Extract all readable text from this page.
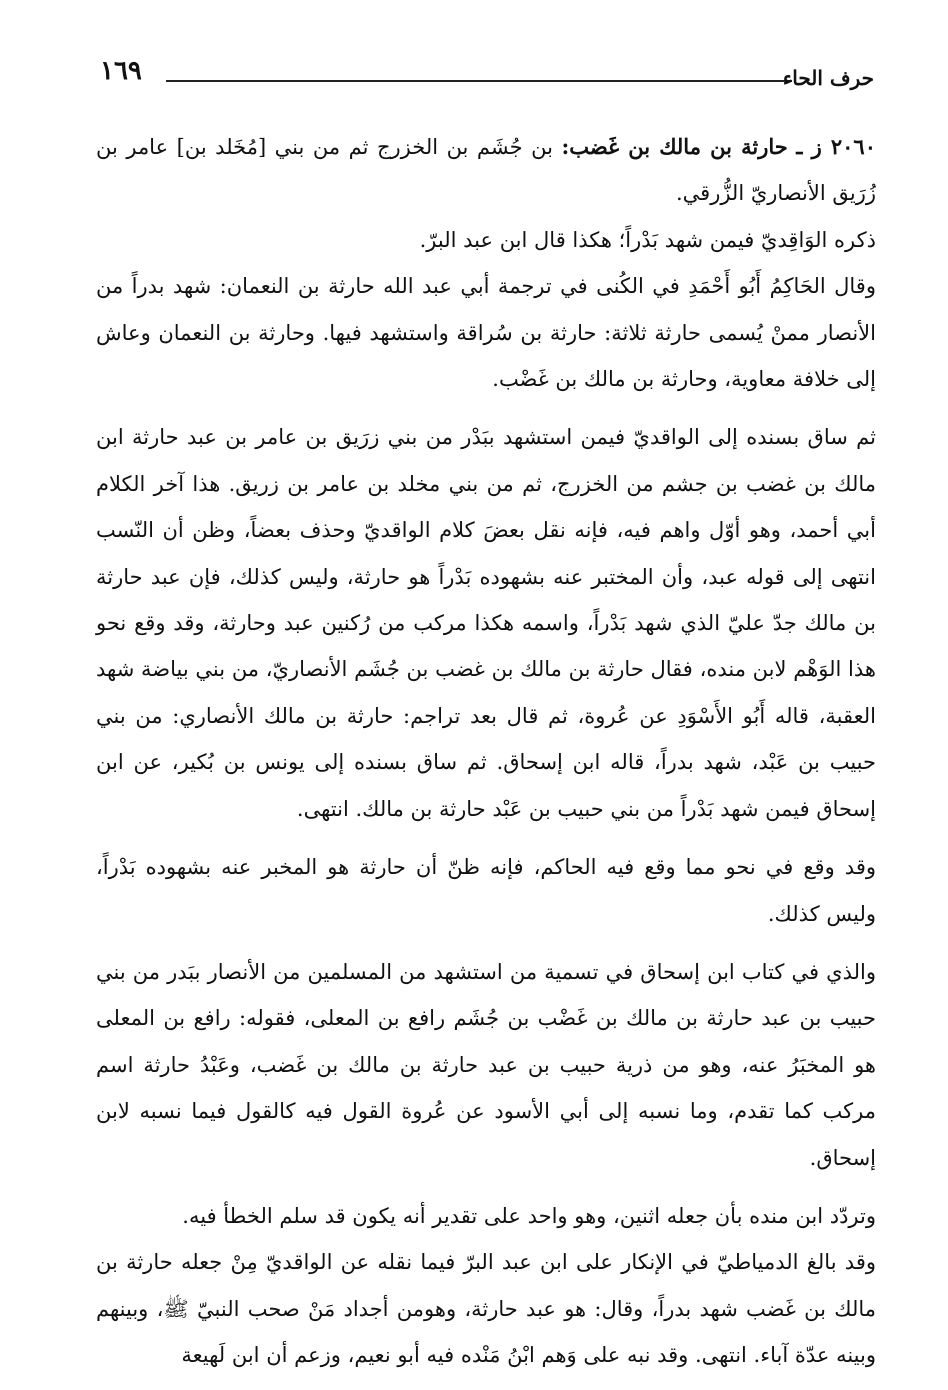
١٦٩	حرف الحاء

٢٠٦٠ ز ـ حارثة بن مالك بن غَضب: بن جُشَم بن الخزرج ثم من بني [مُخَلد بن] عامر بن زُرَيق الأنصاريّ الزُّرقي.

ذكره الوَاقِديّ فيمن شهد بَدْراً؛ هكذا قال ابن عبد البرّ.

وقال الحَاكِمُ أَبُو أَحْمَدِ في الكُنى في ترجمة أبي عبد الله حارثة بن النعمان: شهد بدراً من الأنصار ممنْ يُسمى حارثة ثلاثة: حارثة بن سُراقة واستشهد فيها. وحارثة بن النعمان وعاش إلى خلافة معاوية، وحارثة بن مالك بن غَضْب.

ثم ساق بسنده إلى الواقديّ فيمن استشهد ببَدْر من بني زرَيق بن عامر بن عبد حارثة ابن مالك بن غضب بن جشم من الخزرج، ثم من بني مخلد بن عامر بن زريق. هذا آخر الكلام أبي أحمد، وهو أوّل واهم فيه، فإنه نقل بعضَ كلام الواقديّ وحذف بعضاً، وظن أن النّسب انتهى إلى قوله عبد، وأن المختبر عنه بشهوده بَدْراً هو حارثة، وليس كذلك، فإن عبد حارثة بن مالك جدّ عليّ الذي شهد بَدْراً، واسمه هكذا مركب من رُكنين عبد وحارثة، وقد وقع نحو هذا الوَهْم لابن منده، فقال حارثة بن مالك بن غضب بن جُشَم الأنصاريّ، من بني بياضة شهد العقبة، قاله أَبُو الأَسْوَدِ عن عُروة، ثم قال بعد تراجم: حارثة بن مالك الأنصاري: من بني حبيب بن عَبْد، شهد بدراً، قاله ابن إسحاق. ثم ساق بسنده إلى يونس بن بُكير، عن ابن إسحاق فيمن شهد بَدْراً من بني حبيب بن عَبْد حارثة بن مالك. انتهى.

وقد وقع في نحو مما وقع فيه الحاكم، فإنه ظنّ أن حارثة هو المخبر عنه بشهوده بَدْراً، وليس كذلك.

والذي في كتاب ابن إسحاق في تسمية من استشهد من المسلمين من الأنصار ببَدر من بني حبيب بن عبد حارثة بن مالك بن غَضْب بن جُشَم رافع بن المعلى، فقوله: رافع بن المعلى هو المخبَرُ عنه، وهو من ذرية حبيب بن عبد حارثة بن مالك بن غَضب، وعَبْدُ حارثة اسم مركب كما تقدم، وما نسبه إلى أبي الأسود عن عُروة القول فيه كالقول فيما نسبه لابن إسحاق.

وتردّد ابن منده بأن جعله اثنين، وهو واحد على تقدير أنه يكون قد سلم الخطأ فيه.

وقد بالغ الدمياطيّ في الإنكار على ابن عبد البرّ فيما نقله عن الواقديّ مِنْ جعله حارثة بن مالك بن غَضب شهد بدراً، وقال: هو عبد حارثة، وهومن أجداد مَنْ صحب النبيّ ﷺ، وبينهم وبينه عدّة آباء. انتهى. وقد نبه على وَهم ابْنُ مَنْده فيه أبو نعيم، وزعم أن ابن لَهيعة
